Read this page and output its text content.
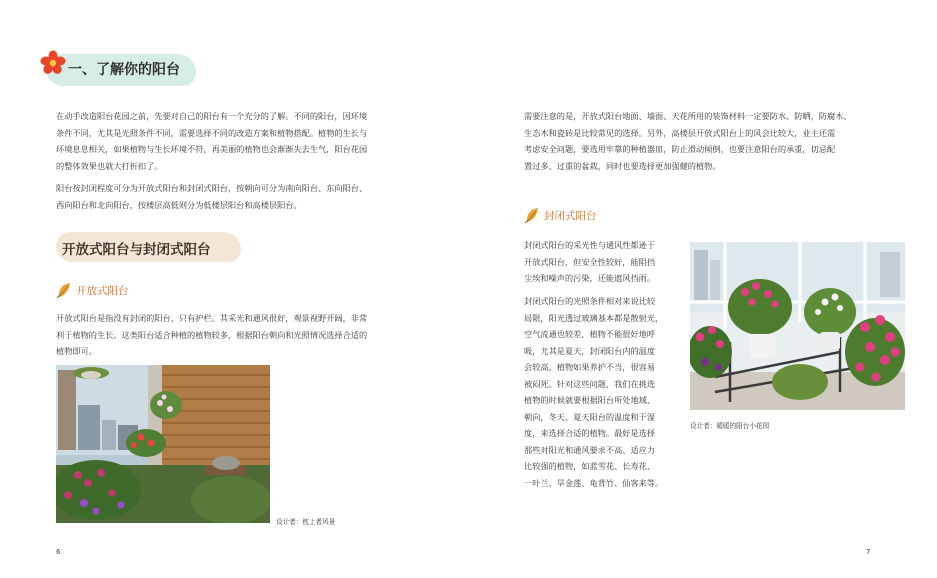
一、了解你的阳台
在动手改造阳台花园之前，先要对自己的阳台有一个充分的了解。不同的阳台，因环境
条件不同，尤其是光照条件不同，需要选择不同的改造方案和植物搭配。植物的生长与
环境息息相关，如果植物与生长环境不符，再美丽的植物也会渐渐失去生气，阳台花园
的整体效果也就大打折扣了。
阳台按封闭程度可分为开放式阳台和封闭式阳台，按朝向可分为南向阳台、东向阳台、
西向阳台和北向阳台，按楼层高低则分为低楼层阳台和高楼层阳台。
开放式阳台与封闭式阳台
开放式阳台
开放式阳台是指没有封闭的阳台，只有护栏。其采光和通风很好，观景视野开阔，非常
利于植物的生长。这类阳台适合种植的植物较多，根据阳台朝向和光照情况选择合适的
植物即可。
设计者：枕上者风景
6
需要注意的是，开放式阳台地面、墙面、天花所用的装饰材料一定要防水、防晒，防腐木、
生态木和瓷砖是比较常见的选择。另外，高楼层开放式阳台上的风会比较大，业主还需
考虑安全问题，要选用牢靠的种植器皿，防止滑动倾倒，也要注意阳台的承重，切忌配
置过多、过重的盆栽，同时也要选择更加强健的植物。
封闭式阳台
封闭式阳台的采光性与通风性都逊于
开放式阳台，但安全性较好，能阻挡
尘埃和噪声的污染，还能遮风挡雨。
封闭式阳台的光照条件相对来说比较
局限，阳光透过玻璃基本都是散射光，
空气流通也较差，植物不能很好地呼
吸，尤其是夏天，封闭阳台内的温度
会较高，植物如果养护不当，很容易
被闷死。针对这些问题，我们在挑选
植物的时候就要根据阳台所处地域、
朝向，冬天、夏天阳台的温度和干湿
度，来选择合适的植物。最好是选择
那些对阳光和通风要求不高、适应力
比较强的植物，如蓝雪花、长寿花、
一叶兰、旱金莲、龟背竹、仙客来等。
设计者：暖暖的阳台小花园
7
